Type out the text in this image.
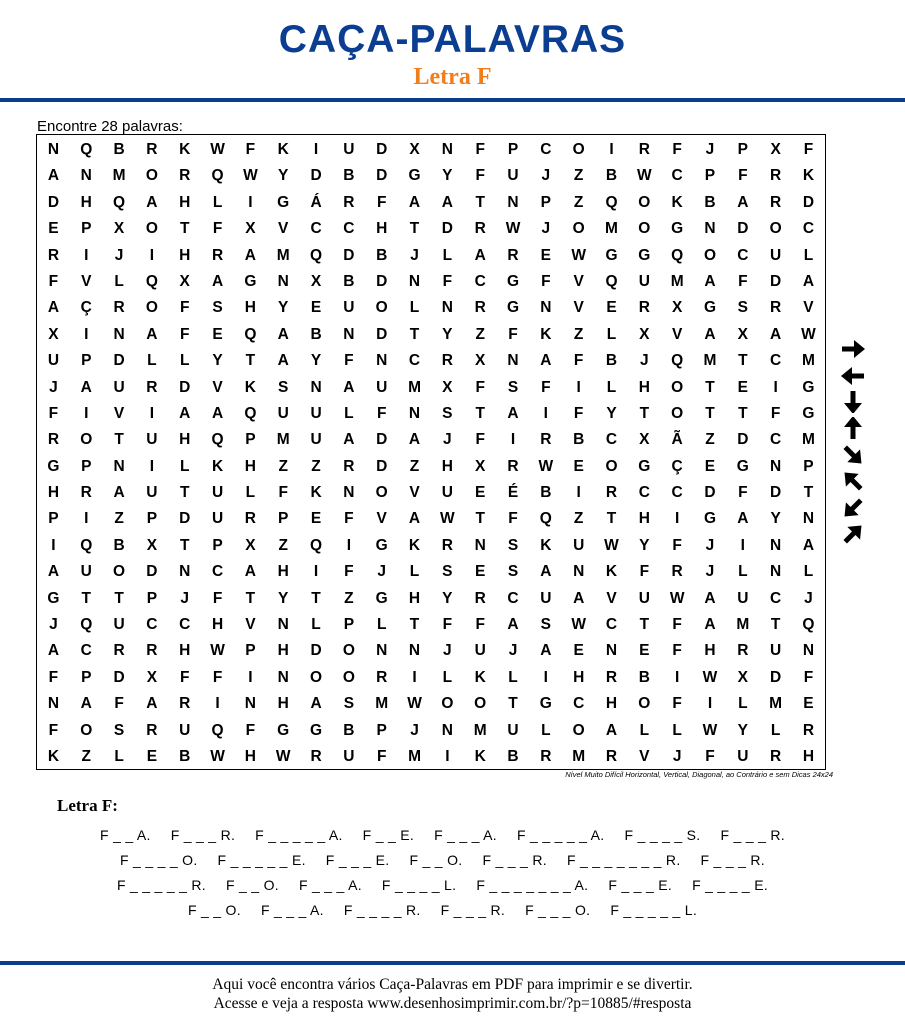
CAÇA-PALAVRAS
Letra F
Encontre 28 palavras:
N	Q	B	R	K	W	F	K	I	U	D	X	N	F	P	C	O	I	R	F	J	P	X	F
A	N	M	O	R	Q	W	Y	D	B	D	G	Y	F	U	J	Z	B	W	C	P	F	R	K
D	H	Q	A	H	L	I	G	Á	R	F	A	A	T	N	P	Z	Q	O	K	B	A	R	D
E	P	X	O	T	F	X	V	C	C	H	T	D	R	W	J	O	M	O	G	N	D	O	C
R	I	J	I	H	R	A	M	Q	D	B	J	L	A	R	E	W	G	G	Q	O	C	U	L
F	V	L	Q	X	A	G	N	X	B	D	N	F	C	G	F	V	Q	U	M	A	F	D	A
A	Ç	R	O	F	S	H	Y	E	U	O	L	N	R	G	N	V	E	R	X	G	S	R	V
X	I	N	A	F	E	Q	A	B	N	D	T	Y	Z	F	K	Z	L	X	V	A	X	A	W
U	P	D	L	L	Y	T	A	Y	F	N	C	R	X	N	A	F	B	J	Q	M	T	C	M
J	A	U	R	D	V	K	S	N	A	U	M	X	F	S	F	I	L	H	O	T	E	I	G
F	I	V	I	A	A	Q	U	U	L	F	N	S	T	A	I	F	Y	T	O	T	T	F	G
R	O	T	U	H	Q	P	M	U	A	D	A	J	F	I	R	B	C	X	Ã	Z	D	C	M
G	P	N	I	L	K	H	Z	Z	R	D	Z	H	X	R	W	E	O	G	Ç	E	G	N	P
H	R	A	U	T	U	L	F	K	N	O	V	U	E	É	B	I	R	C	C	D	F	D	T
P	I	Z	P	D	U	R	P	E	F	V	A	W	T	F	Q	Z	T	H	I	G	A	Y	N
I	Q	B	X	T	P	X	Z	Q	I	G	K	R	N	S	K	U	W	Y	F	J	I	N	A
A	U	O	D	N	C	A	H	I	F	J	L	S	E	S	A	N	K	F	R	J	L	N	L
G	T	T	P	J	F	T	Y	T	Z	G	H	Y	R	C	U	A	V	U	W	A	U	C	J
J	Q	U	C	C	H	V	N	L	P	L	T	F	F	A	S	W	C	T	F	A	M	T	Q
A	C	R	R	H	W	P	H	D	O	N	N	J	U	J	A	E	N	E	F	H	R	U	N
F	P	D	X	F	F	I	N	O	O	R	I	L	K	L	I	H	R	B	I	W	X	D	F
N	A	F	A	R	I	N	H	A	S	M	W	O	O	T	G	C	H	O	F	I	L	M	E
F	O	S	R	U	Q	F	G	G	B	P	J	N	M	U	L	O	A	L	L	W	Y	L	R
K	Z	L	E	B	W	H	W	R	U	F	M	I	K	B	R	M	R	V	J	F	U	R	H
Nível Muito Difícil Horizontal, Vertical, Diagonal, ao Contrário e sem Dicas 24x24
Letra F:
F _ _ A. F _ _ _ R. F _ _ _ _ _ A. F _ _ E. F _ _ _ A. F _ _ _ _ _ A. F _ _ _ _ S. F _ _ _ R.
F _ _ _ _ O. F _ _ _ _ _ E. F _ _ _ E. F _ _ O. F _ _ _ R. F _ _ _ _ _ _ _ R. F _ _ _ R.
F _ _ _ _ _ R. F _ _ O. F _ _ _ A. F _ _ _ _ L. F _ _ _ _ _ _ _ A. F _ _ _ E. F _ _ _ _ E.
F _ _ O. F _ _ _ A. F _ _ _ _ R. F _ _ _ R. F _ _ _ O. F _ _ _ _ _ L.
Aqui você encontra vários Caça-Palavras em PDF para imprimir e se divertir.
Acesse e veja a resposta www.desenhosimprimir.com.br/?p=10885/#resposta
